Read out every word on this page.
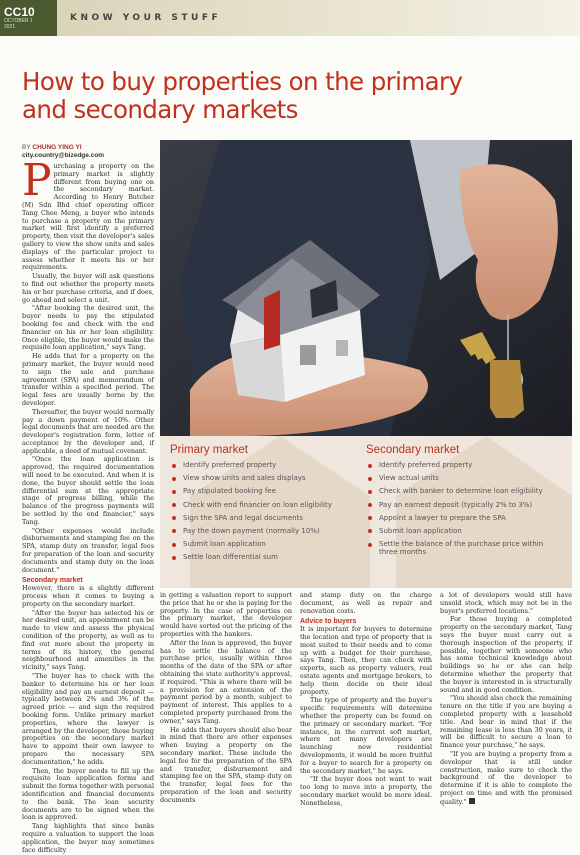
CC10
OCTOBER 1
2021
KNOW YOUR STUFF
How to buy properties on the primary and secondary markets
BY CHUNG YING YI
city.country@bizedge.com

Purchasing a property on the primary market is slightly different from buying one on the secondary market. According to Henry Butcher (M) Sdn Bhd chief operating officer Tang Chee Meng, a buyer who intends to purchase a property on the primary market will first identify a preferred property, then visit the developer's sales gallery to view the show units and sales displays of the particular project to assess whether it meets his or her requirements.

Usually, the buyer will ask questions to find out whether the property meets his or her purchase criteria, and if does, go ahead and select a unit.

"After booking the desired unit, the buyer needs to pay the stipulated booking fee and check with the end financier on his or her loan eligibility. Once eligible, the buyer would make the requisite loan application," says Tang.

He adds that for a property on the primary market, the buyer would need to sign the sale and purchase agreement (SPA) and memorandum of transfer within a specified period. The legal fees are usually borne by the developer.

Thereafter, the buyer would normally pay a down payment of 10%. Other legal documents that are needed are the developer's registration form, letter of acceptance by the developer and, if applicable, a deed of mutual covenant.

"Once the loan application is approved, the required documentation will need to be executed. And when it is done, the buyer should settle the loan differential sum at the appropriate stage of progress billing, while the balance of the progress payments will be settled by the end financier," says Tang.

"Other expenses would include disbursements and stamping fee on the SPA, stamp duty on transfer, legal fees for preparation of the loan and security documents and stamp duty on the loan document."

Secondary market

However, there is a slightly different process when it comes to buying a property on the secondary market.

"After the buyer has selected his or her desired unit, an appointment can be made to view and assess the physical condition of the property, as well as to find out more about the property in terms of its history, the general neighbourhood and amenities in the vicinity," says Tang.

"The buyer has to check with the banker to determine his or her loan eligibility and pay an earnest deposit — typically between 2% and 3% of the agreed price — and sign the required booking form. Unlike primary market properties, where the lawyer is arranged by the developer, those buying properties on the secondary market have to appoint their own lawyer to prepare the necessary SPA documentation," he adds.

Then, the buyer needs to fill up the requisite loan application forms and submit the forms together with personal identification and financial documents to the bank. The loan security documents are to be signed when the loan is approved.

Tang highlights that since banks require a valuation to support the loan application, the buyer may sometimes face difficulty

Primary market
Identify preferred property
View show units and sales displays
Pay stipulated booking fee
Check with end financier on loan eligibility
Sign the SPA and legal documents
Pay the down payment (normally 10%)
Submit loan application
Settle loan differential sum
Secondary market
Identify preferred property
View actual units
Check with banker to determine loan eligibility
Pay an earnest deposit (typically 2% to 3%)
Appoint a lawyer to prepare the SPA
Submit loan application
Settle the balance of the purchase price within three months

in getting a valuation report to support the price that he or she is paying for the property. In the case of properties on the primary market, the developer would have sorted out the pricing of the properties with the bankers.

After the loan is approved, the buyer has to settle the balance of the purchase price, usually within three months of the date of the SPA or after obtaining the state authority's approval, if required. "This is where there will be a provision for an extension of the payment period by a month, subject to payment of interest. This applies to a completed property purchased from the owner," says Tang.

He adds that buyers should also bear in mind that there are other expenses when buying a property on the secondary market. These include the legal fee for the preparation of the SPA and transfer, disbursement and stamping fee on the SPA, stamp duty on the transfer, legal fees for the preparation of the loan and security documents

and stamp duty on the charge document, as well as repair and renovation costs.

Advice to buyers

It is important for buyers to determine the location and type of property that is most suited to their needs and to come up with a budget for their purchase, says Tang. Then, they can check with experts, such as property valuers, real estate agents and mortgage brokers, to help them decide on their ideal property.

The type of property and the buyer's specific requirements will determine whether the property can be found on the primary or secondary market. "For instance, in the current soft market, where not many developers are launching new residential developments, it would be more fruitful for a buyer to search for a property on the secondary market," he says.

"If the buyer does not want to wait too long to move into a property, the secondary market would be more ideal. Nonetheless,

a lot of developers would still have unsold stock, which may not be in the buyer's preferred locations."

For those buying a completed property on the secondary market, Tang says the buyer must carry out a thorough inspection of the property, if possible, together with someone who has some technical knowledge about buildings so he or she can help determine whether the property that the buyer is interested in is structurally sound and in good condition.

"You should also check the remaining tenure on the title if you are buying a completed property with a leasehold title. And bear in mind that if the remaining lease is less than 30 years, it will be difficult to secure a loan to finance your purchase," he says.

"If you are buying a property from a developer that is still under construction, make sure to check the background of the developer to determine if it is able to complete the project on time and with the promised quality."
